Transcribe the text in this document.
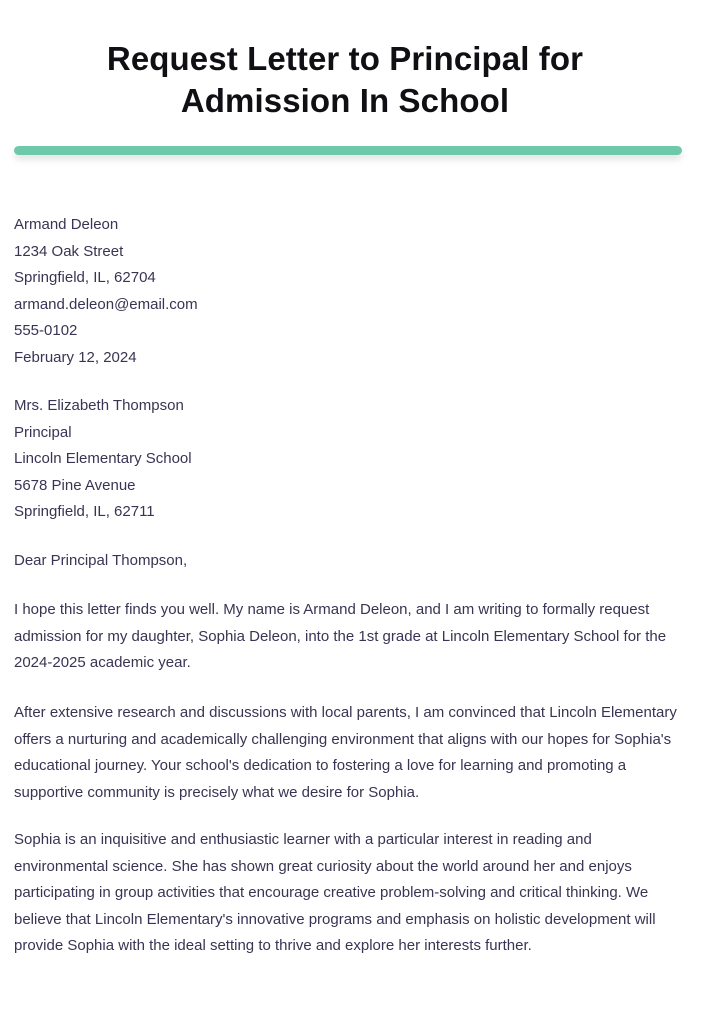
Request Letter to Principal for
Admission In School
Armand Deleon
1234 Oak Street
Springfield, IL, 62704
armand.deleon@email.com
555-0102
February 12, 2024
Mrs. Elizabeth Thompson
Principal
Lincoln Elementary School
5678 Pine Avenue
Springfield, IL, 62711
Dear Principal Thompson,

I hope this letter finds you well. My name is Armand Deleon, and I am writing to formally request admission for my daughter, Sophia Deleon, into the 1st grade at Lincoln Elementary School for the 2024-2025 academic year.

After extensive research and discussions with local parents, I am convinced that Lincoln Elementary offers a nurturing and academically challenging environment that aligns with our hopes for Sophia's educational journey. Your school's dedication to fostering a love for learning and promoting a supportive community is precisely what we desire for Sophia.

Sophia is an inquisitive and enthusiastic learner with a particular interest in reading and environmental science. She has shown great curiosity about the world around her and enjoys participating in group activities that encourage creative problem-solving and critical thinking. We believe that Lincoln Elementary's innovative programs and emphasis on holistic development will provide Sophia with the ideal setting to thrive and explore her interests further.
